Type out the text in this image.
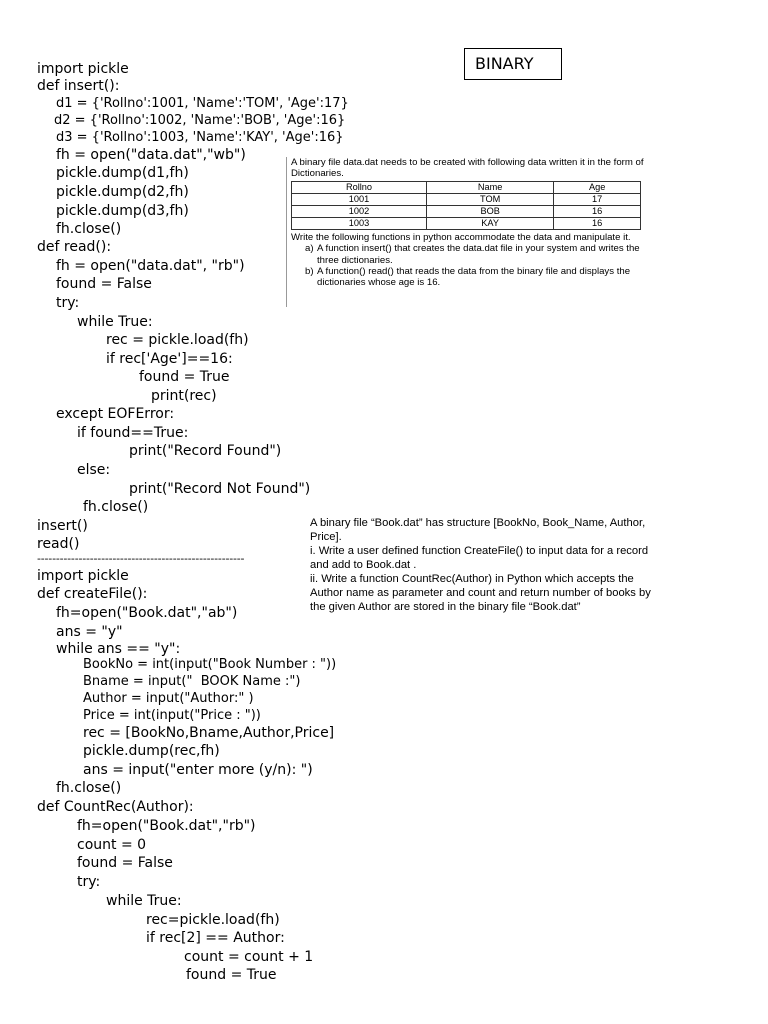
import pickle
def insert():
d1 = {'Rollno':1001, 'Name':'TOM', 'Age':17}
d2 = {'Rollno':1002, 'Name':'BOB', 'Age':16}
d3 = {'Rollno':1003, 'Name':'KAY', 'Age':16}
fh = open("data.dat","wb")
pickle.dump(d1,fh)
pickle.dump(d2,fh)
pickle.dump(d3,fh)
fh.close()
def read():
fh = open("data.dat", "rb")
found = False
try:
while True:
rec = pickle.load(fh)
if rec['Age']==16:
found = True
print(rec)
except EOFError:
if found==True:
print("Record Found")
else:
print("Record Not Found")
fh.close()
insert()
read()
-------------------------------------------------------
import pickle
def createFile():
fh=open("Book.dat","ab")
ans = "y"
while ans == "y":
BookNo = int(input("Book Number : "))
Bname = input("  BOOK Name :")
Author = input("Author:" )
Price = int(input("Price : "))
rec = [BookNo,Bname,Author,Price]
pickle.dump(rec,fh)
ans = input("enter more (y/n): ")
fh.close()
def CountRec(Author):
fh=open("Book.dat","rb")
count = 0
found = False
try:
while True:
rec=pickle.load(fh)
if rec[2] == Author:
count = count + 1
found = True
BINARY
A binary file data.dat needs to be created with following data written it in the form of Dictionaries.
Rollno	Name	Age
1001	TOM	17
1002	BOB	16
1003	KAY	16
Write the following functions in python accommodate the data and manipulate it.
a) A function insert() that creates the data.dat file in your system and writes the three dictionaries.
b) A function() read() that reads the data from the binary file and displays the dictionaries whose age is 16.
A binary file “Book.dat” has structure [BookNo, Book_Name, Author, Price].
i. Write a user defined function CreateFile() to input data for a record and add to Book.dat .
ii. Write a function CountRec(Author) in Python which accepts the Author name as parameter and count and return number of books by the given Author are stored in the binary file “Book.dat”
